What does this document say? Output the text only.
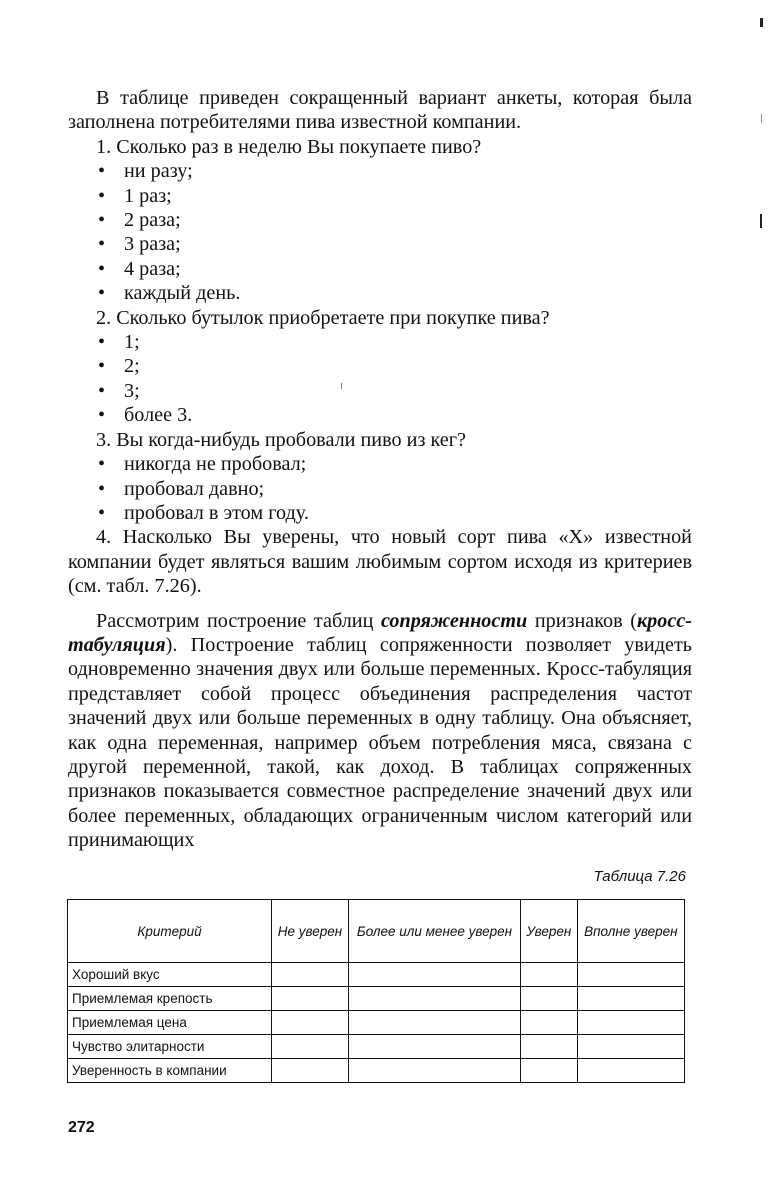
В таблице приведен сокращенный вариант анкеты, которая была заполнена потребителями пива известной компании.

1. Сколько раз в неделю Вы покупаете пиво?

• ни разу;

• 1 раз;

• 2 раза;

• 3 раза;

• 4 раза;

• каждый день.

2. Сколько бутылок приобретаете при покупке пива?

• 1;

• 2;

• 3;

• более 3.

3. Вы когда-нибудь пробовали пиво из кег?

• никогда не пробовал;

• пробовал давно;

• пробовал в этом году.

4. Насколько Вы уверены, что новый сорт пива «Х» известной компании будет являться вашим любимым сортом исходя из критериев (см. табл. 7.26).

Рассмотрим построение таблиц сопряженности признаков (кросс-табуляция). Построение таблиц сопряженности позволяет увидеть одновременно значения двух или больше переменных. Кросс-табуляция представляет собой процесс объединения распределения частот значений двух или больше переменных в одну таблицу. Она объясняет, как одна переменная, например объем потребления мяса, связана с другой переменной, такой, как доход. В таблицах сопряженных признаков показывается совместное распределение значений двух или более переменных, обладающих ограниченным числом категорий или принимающих

Таблица 7.26
Критерий	Не уверен	Более или менее уверен	Уверен	Вполне уверен
Хороший вкус				
Приемлемая крепость				
Приемлемая цена				
Чувство элитарности				
Уверенность в компании				
272
